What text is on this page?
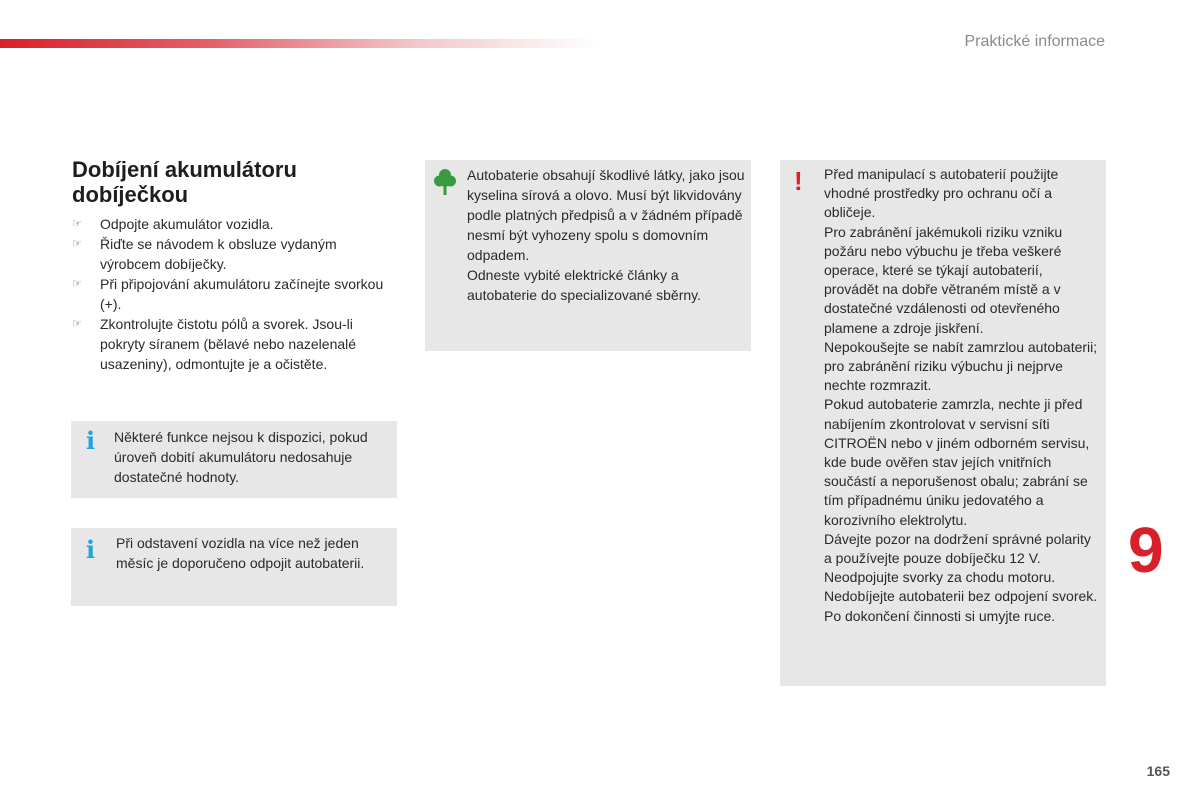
Praktické informace
Dobíjení akumulátoru dobíječkou
☞ Odpojte akumulátor vozidla.
☞ Řiďte se návodem k obsluze vydaným výrobcem dobíječky.
☞ Při připojování akumulátoru začínejte svorkou (+).
☞ Zkontrolujte čistotu pólů a svorek. Jsou-li pokryty síranem (bělavé nebo nazelenalé usazeniny), odmontujte je a očistěte.
i	Některé funkce nejsou k dispozici, pokud úroveň dobití akumulátoru nedosahuje dostatečné hodnoty.
i	Při odstavení vozidla na více než jeden měsíc je doporučeno odpojit autobaterii.

Autobaterie obsahují škodlivé látky, jako jsou kyselina sírová a olovo. Musí být likvidovány podle platných předpisů a v žádném případě nesmí být vyhozeny spolu s domovním odpadem.

Odneste vybité elektrické články a autobaterie do specializované sběrny.

! Před manipulací s autobaterií použijte vhodné prostředky pro ochranu očí a obličeje.

Pro zabránění jakémukoli riziku vzniku požáru nebo výbuchu je třeba veškeré operace, které se týkají autobaterií, provádět na dobře větraném místě a v dostatečné vzdálenosti od otevřeného plamene a zdroje jiskření.

Nepokoušejte se nabít zamrzlou autobaterii; pro zabránění riziku výbuchu ji nejprve nechte rozmrazit.

Pokud autobaterie zamrzla, nechte ji před nabíjením zkontrolovat v servisní síti CITROËN nebo v jiném odborném servisu, kde bude ověřen stav jejích vnitřních součástí a neporušenost obalu; zabrání se tím případnému úniku jedovatého a korozivního elektrolytu.

Dávejte pozor na dodržení správné polarity a používejte pouze dobíječku 12 V.

Neodpojujte svorky za chodu motoru.

Nedobíjejte autobaterii bez odpojení svorek.

Po dokončení činnosti si umyjte ruce.

9
165
